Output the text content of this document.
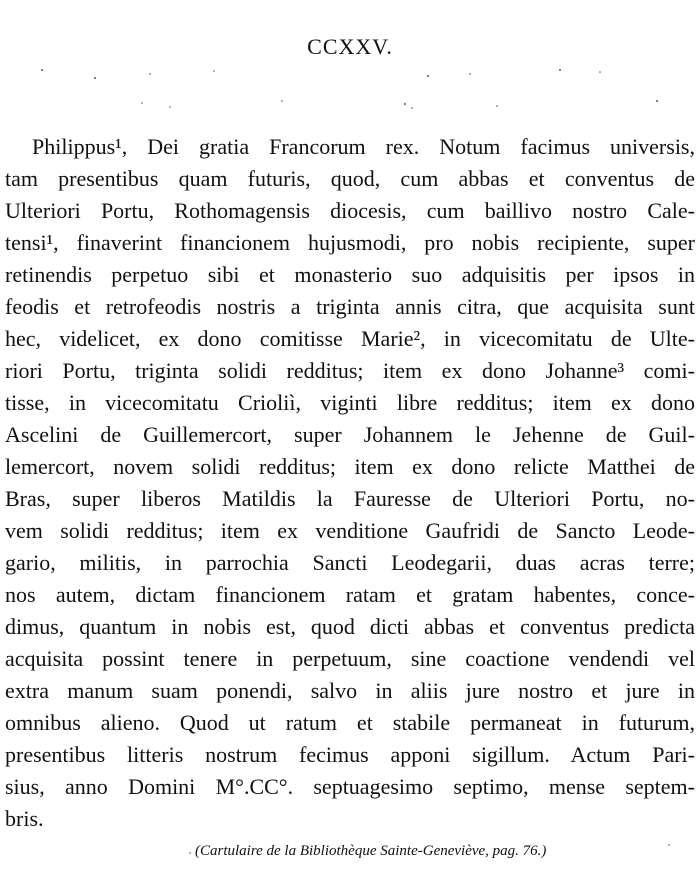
CCXXV.
Philippus¹, Dei gratia Francorum rex. Notum facimus universis,
tam presentibus quam futuris, quod, cum abbas et conventus de
Ulteriori Portu, Rothomagensis diocesis, cum baillivo nostro Cale-
tensi¹, finaverint financionem hujusmodi, pro nobis recipiente, super
retinendis perpetuo sibi et monasterio suo adquisitis per ipsos in
feodis et retrofeodis nostris a triginta annis citra, que acquisita sunt
hec, videlicet, ex dono comitisse Marie², in vicecomitatu de Ulte-
riori Portu, triginta solidi redditus; item ex dono Johanne³ comi-
tisse, in vicecomitatu Crioliì, viginti libre redditus; item ex dono
Ascelini de Guillemercort, super Johannem le Jehenne de Guil-
lemercort, novem solidi redditus; item ex dono relicte Matthei de
Bras, super liberos Matildis la Fauresse de Ulteriori Portu, no-
vem solidi redditus; item ex venditione Gaufridi de Sancto Leode-
gario, militis, in parrochia Sancti Leodegarii, duas acras terre;
nos autem, dictam financionem ratam et gratam habentes, conce-
dimus, quantum in nobis est, quod dicti abbas et conventus predicta
acquisita possint tenere in perpetuum, sine coactione vendendi vel
extra manum suam ponendi, salvo in aliis jure nostro et jure in
omnibus alieno. Quod ut ratum et stabile permaneat in futurum,
presentibus litteris nostrum fecimus apponi sigillum. Actum Pari-
sius, anno Domini M°.CC°. septuagesimo septimo, mense septem-
bris.
(Cartulaire de la Bibliothèque Sainte-Geneviève, pag. 76.)
